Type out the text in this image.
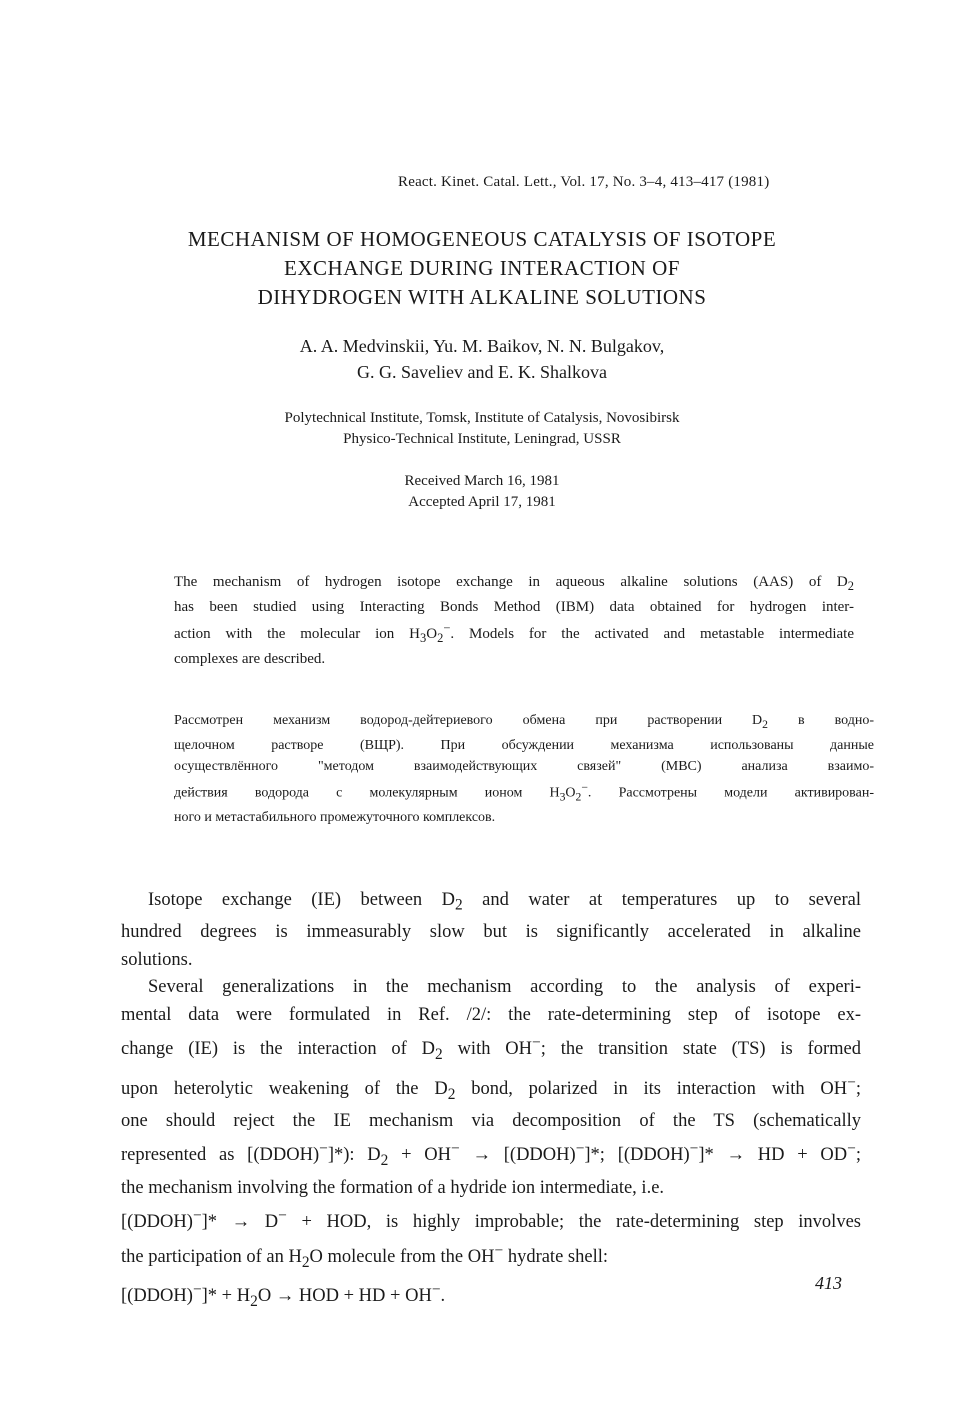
React. Kinet. Catal. Lett., Vol. 17, No. 3–4, 413–417 (1981)
MECHANISM OF HOMOGENEOUS CATALYSIS OF ISOTOPE
EXCHANGE DURING INTERACTION OF
DIHYDROGEN WITH ALKALINE SOLUTIONS
A. A. Medvinskii, Yu. M. Baikov, N. N. Bulgakov,
G. G. Saveliev and E. K. Shalkova
Polytechnical Institute, Tomsk, Institute of Catalysis, Novosibirsk
Physico-Technical Institute, Leningrad, USSR
Received March 16, 1981
Accepted April 17, 1981
The mechanism of hydrogen isotope exchange in aqueous alkaline solutions (AAS) of $D_2$
has been studied using Interacting Bonds Method (IBM) data obtained for hydrogen inter-
action with the molecular ion $H_3O_2^-$. Models for the activated and metastable intermediate
complexes are described.
Рассмотрен механизм водород-дейтериевого обмена при растворении $D_2$ в водно-
щелочном растворе (ВЩР). При обсуждении механизма использованы данные
осуществлённого "методом взаимодействующих связей" (МВС) анализа взаимо-
действия водорода с молекулярным ионом $H_3O_2^-$. Рассмотрены модели активирован-
ного и метастабильного промежуточного комплексов.
Isotope exchange (IE) between $D_2$ and water at temperatures up to several
hundred degrees is immeasurably slow but is significantly accelerated in alkaline
solutions.
Several generalizations in the mechanism according to the analysis of experi-
mental data were formulated in Ref. /2/: the rate-determining step of isotope ex-
change (IE) is the interaction of $D_2$ with OH−; the transition state (TS) is formed
upon heterolytic weakening of the $D_2$ bond, polarized in its interaction with OH−;
one should reject the IE mechanism via decomposition of the TS (schematically
represented as [(DDOH)−]*): $D_2 + OH^-$ → [(DDOH)−]*; [(DDOH)−]* → HD + OD−;
the mechanism involving the formation of a hydride ion intermediate, i.e.
[(DDOH)−]* → D− + HOD, is highly improbable; the rate-determining step involves
the participation of an $H_2O$ molecule from the OH− hydrate shell:
[(DDOH)−]* + $H_2O$ → HOD + HD + OH−.
413
